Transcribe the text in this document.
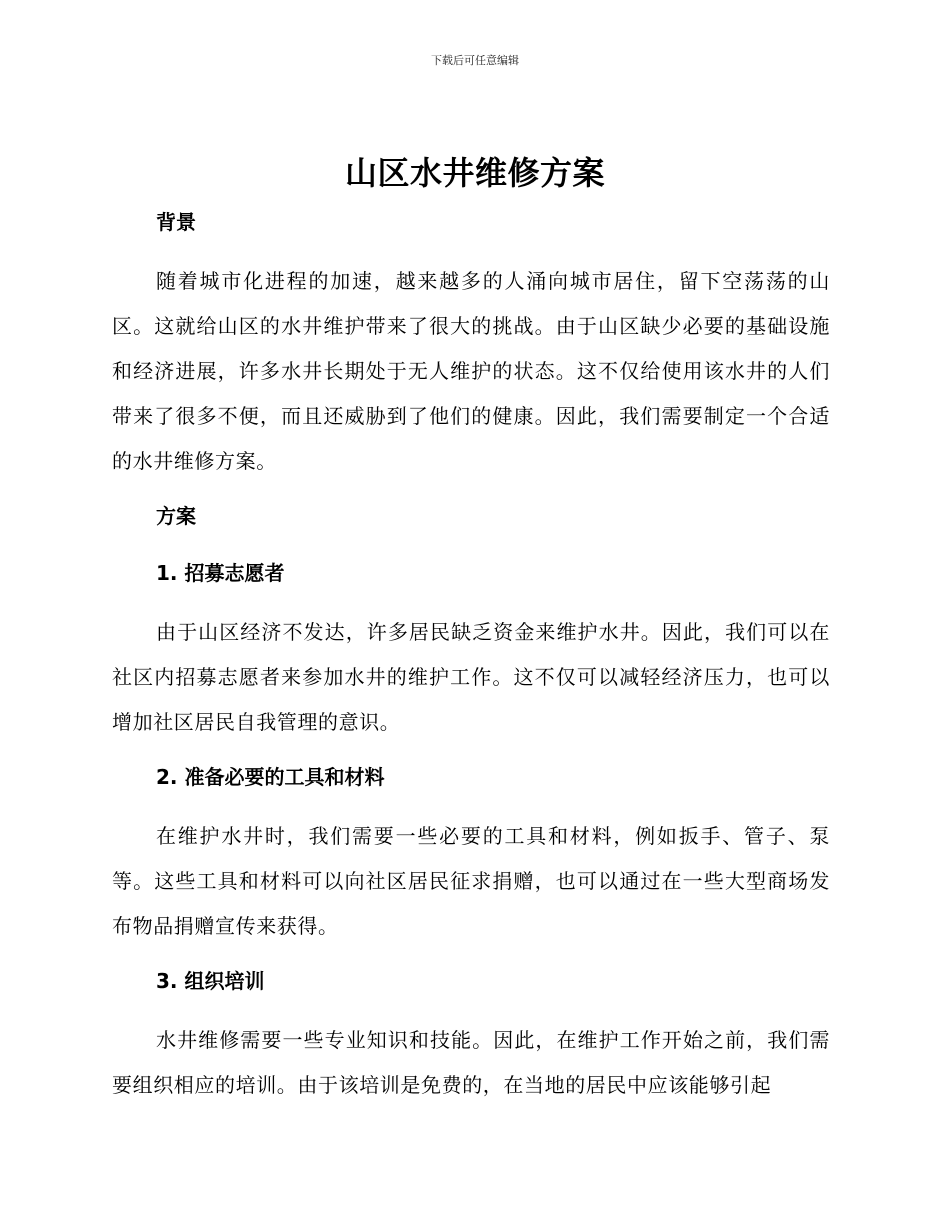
下载后可任意编辑
山区水井维修方案
背景

随着城市化进程的加速，越来越多的人涌向城市居住，留下空荡荡的山区。这就给山区的水井维护带来了很大的挑战。由于山区缺少必要的基础设施和经济进展，许多水井长期处于无人维护的状态。这不仅给使用该水井的人们带来了很多不便，而且还威胁到了他们的健康。因此，我们需要制定一个合适的水井维修方案。

方案
1. 招募志愿者

由于山区经济不发达，许多居民缺乏资金来维护水井。因此，我们可以在社区内招募志愿者来参加水井的维护工作。这不仅可以减轻经济压力，也可以增加社区居民自我管理的意识。

2. 准备必要的工具和材料

在维护水井时，我们需要一些必要的工具和材料，例如扳手、管子、泵等。这些工具和材料可以向社区居民征求捐赠，也可以通过在一些大型商场发布物品捐赠宣传来获得。

3. 组织培训

水井维修需要一些专业知识和技能。因此，在维护工作开始之前，我们需要组织相应的培训。由于该培训是免费的，在当地的居民中应该能够引起
